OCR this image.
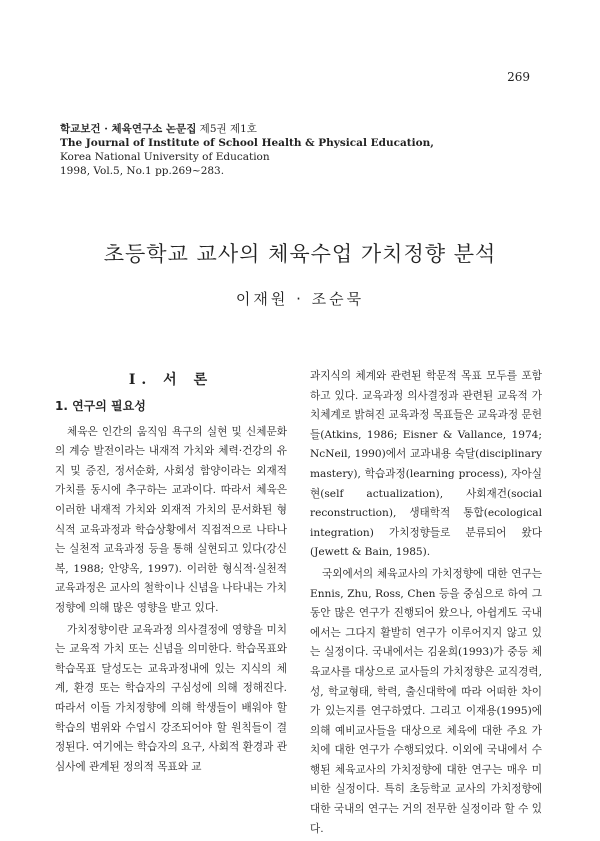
269
학교보건 · 체육연구소 논문집 제5권 제1호
The Journal of Institute of School Health & Physical Education,
Korea National University of Education
1998, Vol.5, No.1 pp.269~283.
초등학교 교사의 체육수업 가치정향 분석
이재원 · 조순묵
Ⅰ. 서 론
1. 연구의 필요성

체육은 인간의 움직임 욕구의 실현 및 신체문화의 계승 발전이라는 내재적 가치와 체력·건강의 유지 및 증진, 정서순화, 사회성 함양이라는 외재적 가치를 동시에 추구하는 교과이다. 따라서 체육은 이러한 내재적 가치와 외재적 가치의 문서화된 형식적 교육과정과 학습상황에서 직접적으로 나타나는 실천적 교육과정 등을 통해 실현되고 있다(강신복, 1988; 안양옥, 1997). 이러한 형식적·실천적 교육과정은 교사의 철학이나 신념을 나타내는 가치정향에 의해 많은 영향을 받고 있다.

가치정향이란 교육과정 의사결정에 영향을 미치는 교육적 가치 또는 신념을 의미한다. 학습목표와 학습목표 달성도는 교육과정내에 있는 지식의 체계, 환경 또는 학습자의 구심성에 의해 정해진다. 따라서 이들 가치정향에 의해 학생들이 배워야 할 학습의 범위와 수업시 강조되어야 할 원칙들이 결정된다. 여기에는 학습자의 요구, 사회적 환경과 관심사에 관계된 정의적 목표와 교

과지식의 체계와 관련된 학문적 목표 모두를 포함하고 있다. 교육과정 의사결정과 관련된 교육적 가치체계로 밝혀진 교육과정 목표들은 교육과정 문헌들(Atkins, 1986; Eisner & Vallance, 1974; NcNeil, 1990)에서 교과내용 숙달(disciplinary mastery), 학습과정(learning process), 자아실현(self actualization), 사회재건(social reconstruction), 생태학적 통합(ecological integration) 가치정향들로 분류되어 왔다(Jewett & Bain, 1985).

국외에서의 체육교사의 가치정향에 대한 연구는 Ennis, Zhu, Ross, Chen 등을 중심으로 하여 그 동안 많은 연구가 진행되어 왔으나, 아쉽게도 국내에서는 그다지 활발히 연구가 이루어지지 않고 있는 실정이다. 국내에서는 김윤희(1993)가 중등 체육교사를 대상으로 교사들의 가치정향은 교직경력, 성, 학교형태, 학력, 출신대학에 따라 어떠한 차이가 있는지를 연구하였다. 그리고 이재용(1995)에 의해 예비교사들을 대상으로 체육에 대한 주요 가치에 대한 연구가 수행되었다. 이외에 국내에서 수행된 체육교사의 가치정향에 대한 연구는 매우 미비한 실정이다. 특히 초등학교 교사의 가치정향에 대한 국내의 연구는 거의 전무한 실정이라 할 수 있다.
